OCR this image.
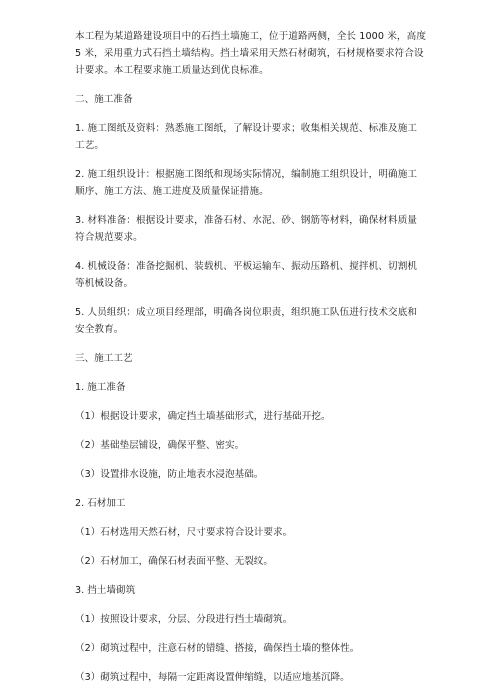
本工程为某道路建设项目中的石挡土墙施工，位于道路两侧，全长 1000 米，高度
5 米，采用重力式石挡土墙结构。挡土墙采用天然石材砌筑，石材规格要求符合设
计要求。本工程要求施工质量达到优良标准。
二、施工准备
1. 施工图纸及资料：熟悉施工图纸，了解设计要求；收集相关规范、标准及施工
工艺。
2. 施工组织设计：根据施工图纸和现场实际情况，编制施工组织设计，明确施工
顺序、施工方法、施工进度及质量保证措施。
3. 材料准备：根据设计要求，准备石材、水泥、砂、钢筋等材料，确保材料质量
符合规范要求。
4. 机械设备：准备挖掘机、装载机、平板运输车、振动压路机、搅拌机、切割机
等机械设备。
5. 人员组织：成立项目经理部，明确各岗位职责，组织施工队伍进行技术交底和
安全教育。
三、施工工艺
1. 施工准备
（1）根据设计要求，确定挡土墙基础形式，进行基础开挖。
（2）基础垫层铺设，确保平整、密实。
（3）设置排水设施，防止地表水浸泡基础。
2. 石材加工
（1）石材选用天然石材，尺寸要求符合设计要求。
（2）石材加工，确保石材表面平整、无裂纹。
3. 挡土墙砌筑
（1）按照设计要求，分层、分段进行挡土墙砌筑。
（2）砌筑过程中，注意石材的错缝、搭接，确保挡土墙的整体性。
（3）砌筑过程中，每隔一定距离设置伸缩缝，以适应地基沉降。
